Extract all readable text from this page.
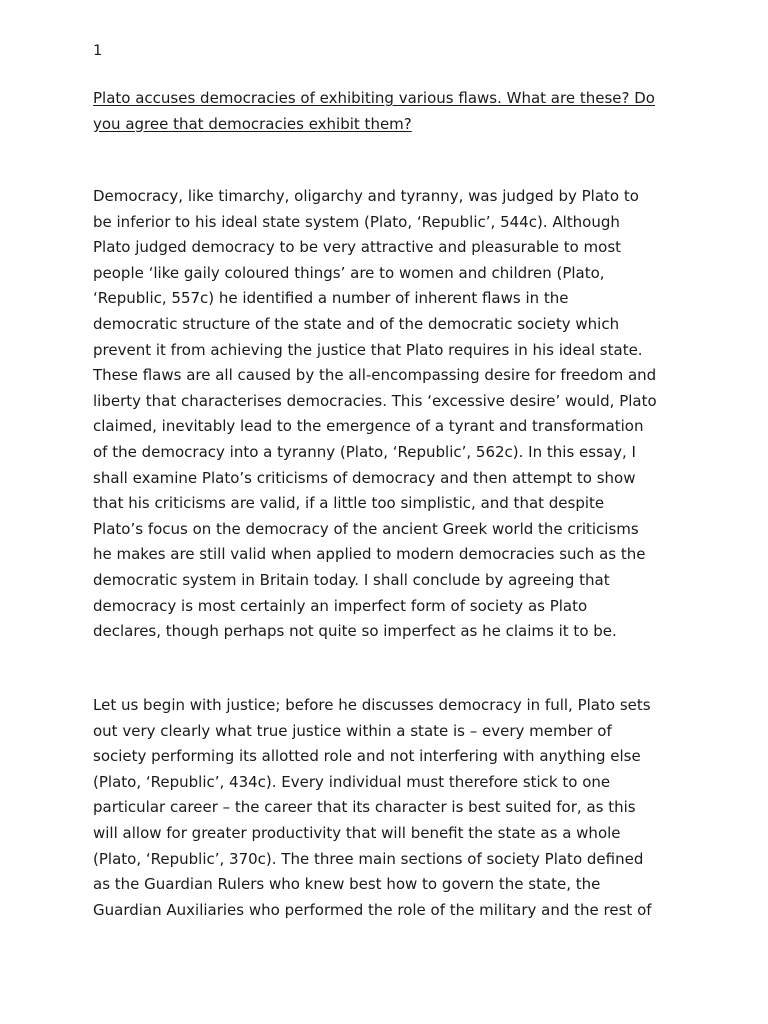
1
Plato accuses democracies of exhibiting various flaws. What are these? Do
you agree that democracies exhibit them?
Democracy, like timarchy, oligarchy and tyranny, was judged by Plato to
be inferior to his ideal state system (Plato, ‘Republic’, 544c). Although
Plato judged democracy to be very attractive and pleasurable to most
people ‘like gaily coloured things’ are to women and children (Plato,
‘Republic, 557c) he identified a number of inherent flaws in the
democratic structure of the state and of the democratic society which
prevent it from achieving the justice that Plato requires in his ideal state.
These flaws are all caused by the all-encompassing desire for freedom and
liberty that characterises democracies. This ‘excessive desire’ would, Plato
claimed, inevitably lead to the emergence of a tyrant and transformation
of the democracy into a tyranny (Plato, ‘Republic’, 562c). In this essay, I
shall examine Plato’s criticisms of democracy and then attempt to show
that his criticisms are valid, if a little too simplistic, and that despite
Plato’s focus on the democracy of the ancient Greek world the criticisms
he makes are still valid when applied to modern democracies such as the
democratic system in Britain today. I shall conclude by agreeing that
democracy is most certainly an imperfect form of society as Plato
declares, though perhaps not quite so imperfect as he claims it to be.
Let us begin with justice; before he discusses democracy in full, Plato sets
out very clearly what true justice within a state is – every member of
society performing its allotted role and not interfering with anything else
(Plato, ‘Republic’, 434c). Every individual must therefore stick to one
particular career – the career that its character is best suited for, as this
will allow for greater productivity that will benefit the state as a whole
(Plato, ‘Republic’, 370c). The three main sections of society Plato defined
as the Guardian Rulers who knew best how to govern the state, the
Guardian Auxiliaries who performed the role of the military and the rest of
